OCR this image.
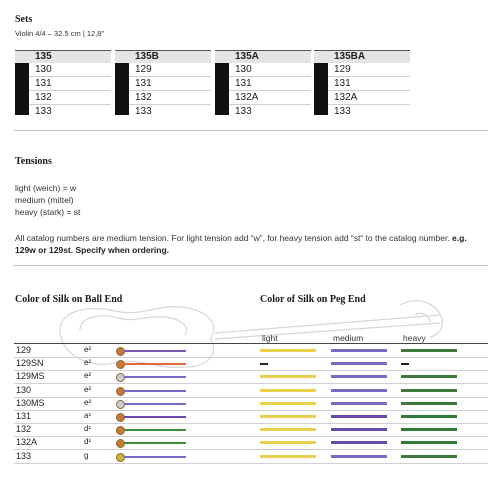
Sets
Violin 4/4 – 32.5 cm | 12,8"
135
130
131
132
133
135B
129
131
132
133
135A
130
131
132A
133
135BA
129
131
132A
133
Tensions
light (weich) = w
medium (mittel)
heavy (stark) = st
All catalog numbers are medium tension. For light tension add “w”, for heavy tension add “st“ to the catalog number. e.g. 129w or 129st. Specify when ordering.
Color of Silk on Ball End	Color of Silk on Peg End
light	medium	heavy
129	e²
129SN	e²
129MS	e²
130	e²
130MS	e²
131	a¹
132	d¹
132A	d¹
133	g
